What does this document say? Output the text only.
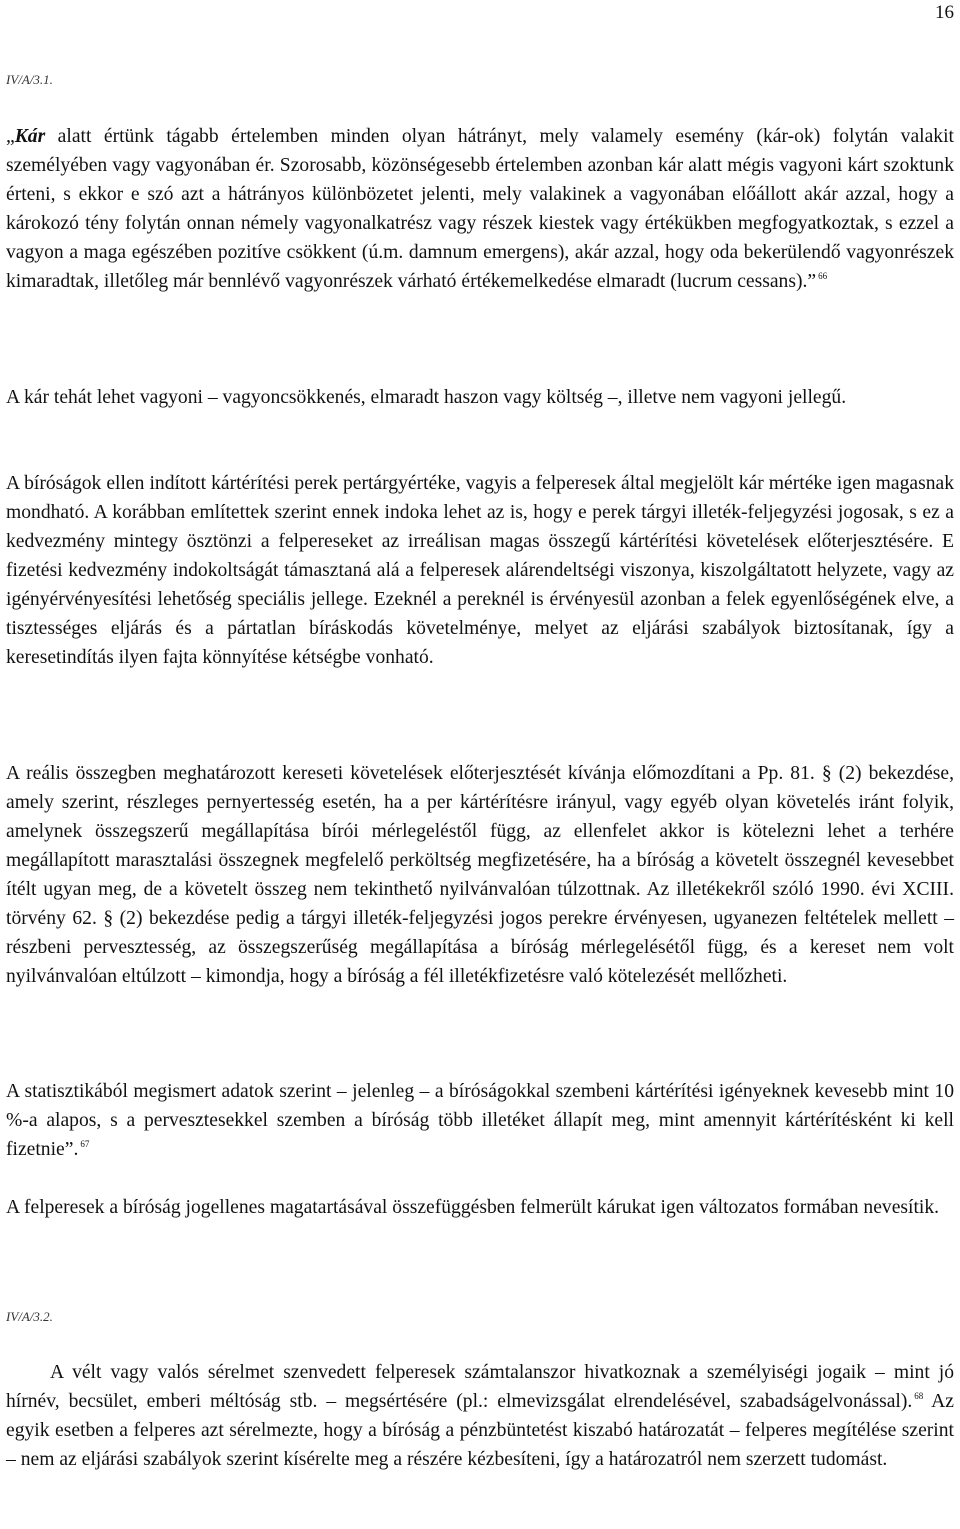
16
IV/A/3.1.

„Kár alatt értünk tágabb értelemben minden olyan hátrányt, mely valamely esemény (kár-ok) folytán valakit személyében vagy vagyonában ér. Szorosabb, közönségesebb értelemben azonban kár alatt mégis vagyoni kárt szoktunk érteni, s ekkor e szó azt a hátrányos különbözetet jelenti, mely valakinek a vagyonában előállott akár azzal, hogy a károkozó tény folytán onnan némely vagyonalkatrész vagy részek kiestek vagy értékükben megfogyatkoztak, s ezzel a vagyon a maga egészében pozitíve csökkent (ú.m. damnum emergens), akár azzal, hogy oda bekerülendő vagyonrészek kimaradtak, illetőleg már bennlévő vagyonrészek várható értékemelkedése elmaradt (lucrum cessans).” $^{66}$

A kár tehát lehet vagyoni – vagyoncsökkenés, elmaradt haszon vagy költség –, illetve nem vagyoni jellegű.

A bíróságok ellen indított kártérítési perek pertárgyértéke, vagyis a felperesek által megjelölt kár mértéke igen magasnak mondható. A korábban említettek szerint ennek indoka lehet az is, hogy e perek tárgyi illeték-feljegyzési jogosak, s ez a kedvezmény mintegy ösztönzi a felpereseket az irreálisan magas összegű kártérítési követelések előterjesztésére. E fizetési kedvezmény indokoltságát támasztaná alá a felperesek alárendeltségi viszonya, kiszolgáltatott helyzete, vagy az igényérvényesítési lehetőség speciális jellege. Ezeknél a pereknél is érvényesül azonban a felek egyenlőségének elve, a tisztességes eljárás és a pártatlan bíráskodás követelménye, melyet az eljárási szabályok biztosítanak, így a keresetindítás ilyen fajta könnyítése kétségbe vonható.

A reális összegben meghatározott kereseti követelések előterjesztését kívánja előmozdítani a Pp. 81. § (2) bekezdése, amely szerint, részleges pernyertesség esetén, ha a per kártérítésre irányul, vagy egyéb olyan követelés iránt folyik, amelynek összegszerű megállapítása bírói mérlegeléstől függ, az ellenfelet akkor is kötelezni lehet a terhére megállapított marasztalási összegnek megfelelő perköltség megfizetésére, ha a bíróság a követelt összegnél kevesebbet ítélt ugyan meg, de a követelt összeg nem tekinthető nyilvánvalóan túlzottnak. Az illetékekről szóló 1990. évi XCIII. törvény 62. § (2) bekezdése pedig a tárgyi illeték-feljegyzési jogos perekre érvényesen, ugyanezen feltételek mellett – részbeni pervesztesség, az összegszerűség megállapítása a bíróság mérlegelésétől függ, és a kereset nem volt nyilvánvalóan eltúlzott – kimondja, hogy a bíróság a fél illetékfizetésre való kötelezését mellőzheti.

A statisztikából megismert adatok szerint – jelenleg – a bíróságokkal szembeni kártérítési igényeknek kevesebb mint 10 %-a alapos, s a pervesztesekkel szemben a bíróság több illetéket állapít meg, mint amennyit kártérítésként ki kell fizetnie”. $^{67}$

A felperesek a bíróság jogellenes magatartásával összefüggésben felmerült kárukat igen változatos formában nevesítik.

IV/A/3.2.

A vélt vagy valós sérelmet szenvedett felperesek számtalanszor hivatkoznak a személyiségi jogaik – mint jó hírnév, becsület, emberi méltóság stb. – megsértésére (pl.: elmevizsgálat elrendelésével, szabadságelvonással). $^{68}$ Az egyik esetben a felperes azt sérelmezte, hogy a bíróság a pénzbüntetést kiszabó határozatát – felperes megítélése szerint – nem az eljárási szabályok szerint kísérelte meg a részére kézbesíteni, így a határozatról nem szerzett tudomást.
